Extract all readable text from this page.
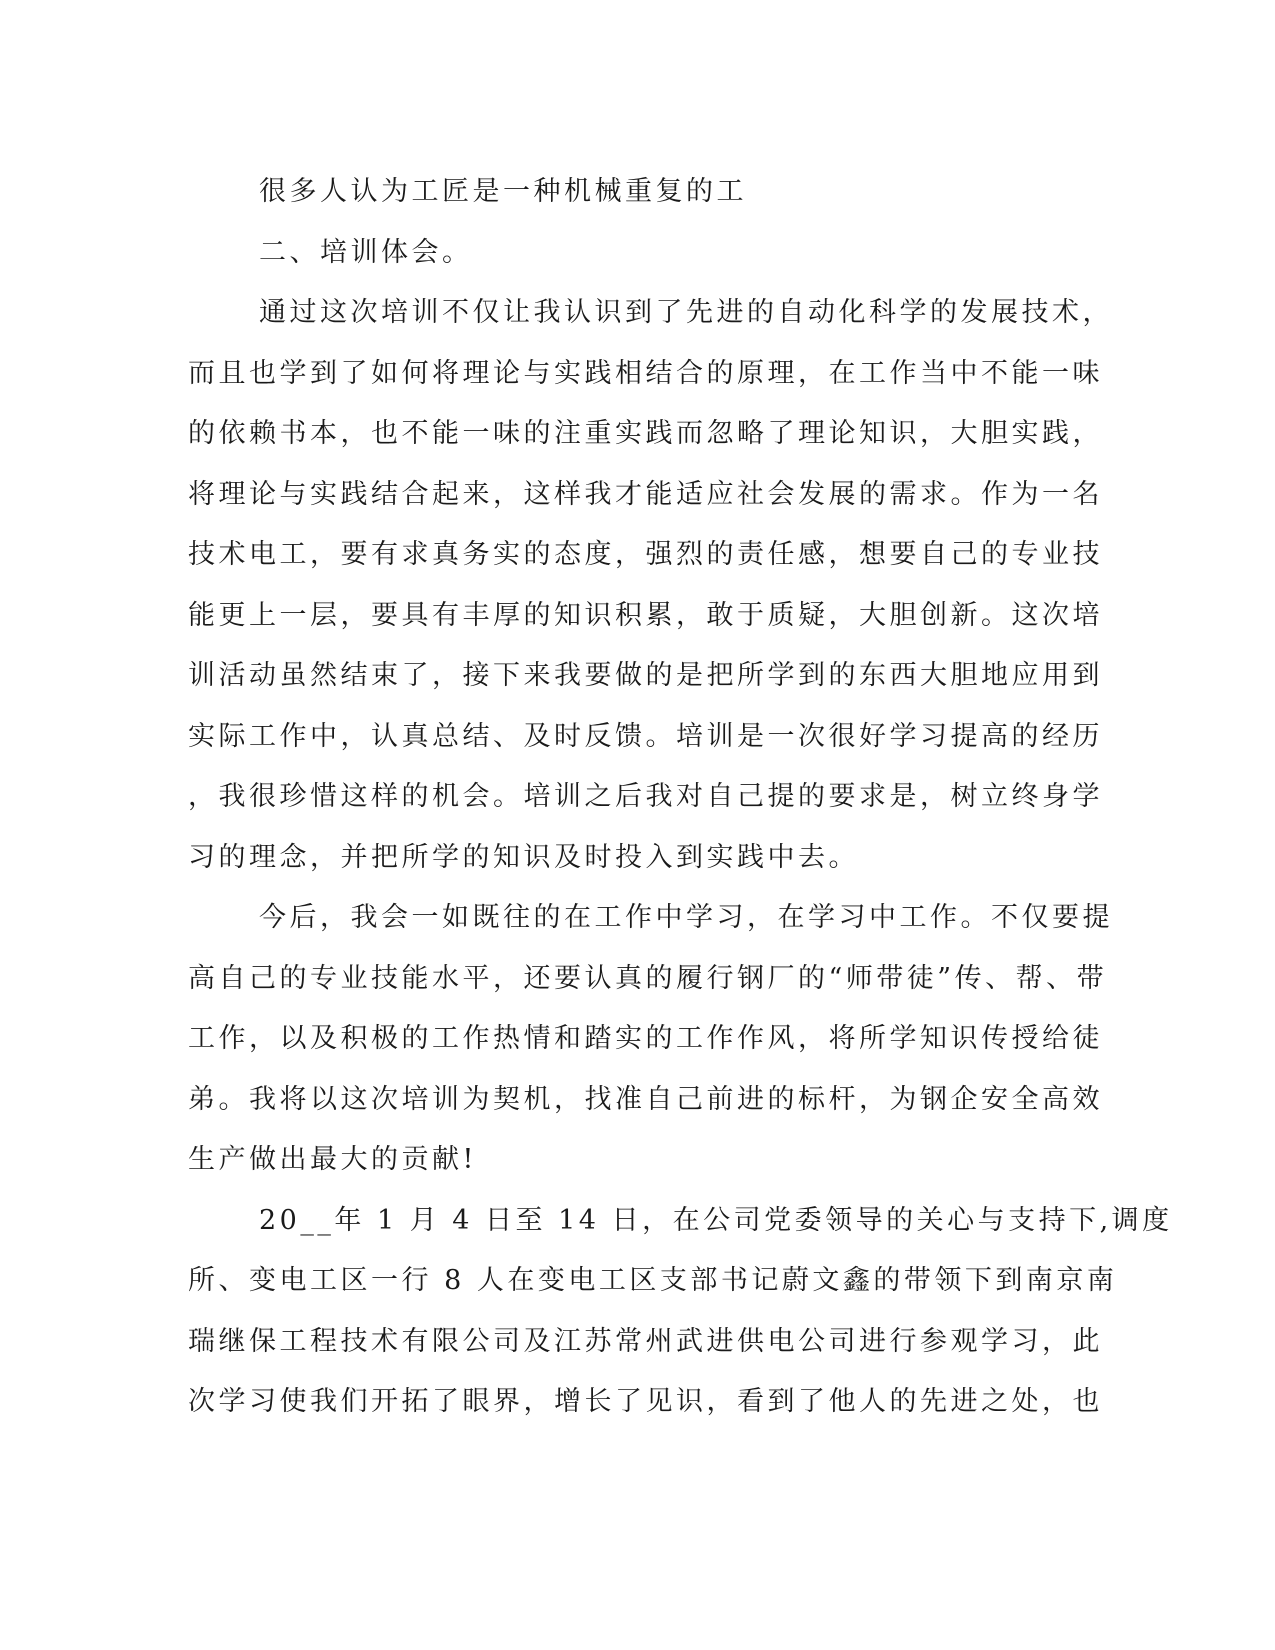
很多人认为工匠是一种机械重复的工
二、培训体会。
通过这次培训不仅让我认识到了先进的自动化科学的发展技术，
而且也学到了如何将理论与实践相结合的原理，在工作当中不能一味
的依赖书本，也不能一味的注重实践而忽略了理论知识，大胆实践，
将理论与实践结合起来，这样我才能适应社会发展的需求。作为一名
技术电工，要有求真务实的态度，强烈的责任感，想要自己的专业技
能更上一层，要具有丰厚的知识积累，敢于质疑，大胆创新。这次培
训活动虽然结束了，接下来我要做的是把所学到的东西大胆地应用到
实际工作中，认真总结、及时反馈。培训是一次很好学习提高的经历
，我很珍惜这样的机会。培训之后我对自己提的要求是，树立终身学
习的理念，并把所学的知识及时投入到实践中去。
今后，我会一如既往的在工作中学习，在学习中工作。不仅要提
高自己的专业技能水平，还要认真的履行钢厂的“师带徒”传、帮、带
工作，以及积极的工作热情和踏实的工作作风，将所学知识传授给徒
弟。我将以这次培训为契机，找准自己前进的标杆，为钢企安全高效
生产做出最大的贡献!
20__年 1 月 4 日至 14 日，在公司党委领导的关心与支持下,调度
所、变电工区一行 8 人在变电工区支部书记蔚文鑫的带领下到南京南
瑞继保工程技术有限公司及江苏常州武进供电公司进行参观学习，此
次学习使我们开拓了眼界，增长了见识，看到了他人的先进之处，也
